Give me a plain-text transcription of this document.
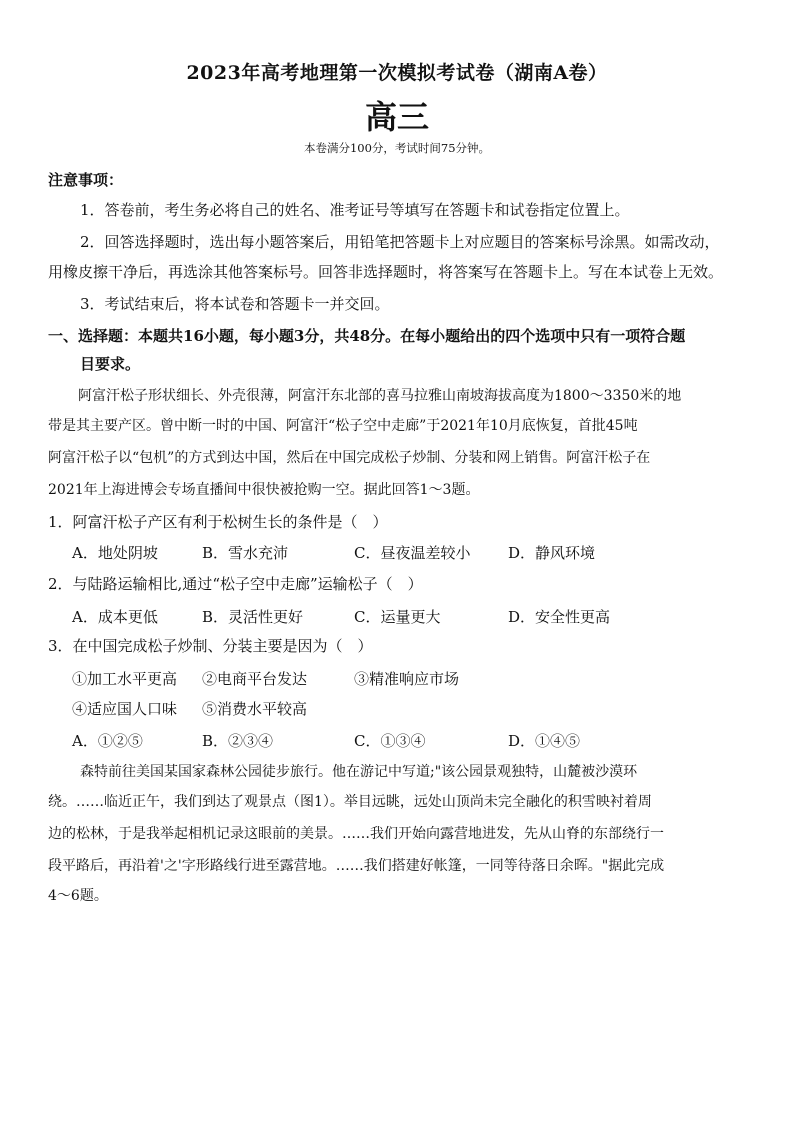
2023年高考地理第一次模拟考试卷（湖南A卷）
高三
本卷满分100分，考试时间75分钟。
注意事项：
1．答卷前，考生务必将自己的姓名、准考证号等填写在答题卡和试卷指定位置上。
2．回答选择题时，选出每小题答案后，用铅笔把答题卡上对应题目的答案标号涂黑。如需改动，
用橡皮擦干净后，再选涂其他答案标号。回答非选择题时，将答案写在答题卡上。写在本试卷上无效。
3．考试结束后，将本试卷和答题卡一并交回。
一、选择题：本题共16小题，每小题3分，共48分。在每小题给出的四个选项中只有一项符合题
目要求。
阿富汗松子形状细长、外壳很薄，阿富汗东北部的喜马拉雅山南坡海拔高度为1800～3350米的地
带是其主要产区。曾中断一时的中国、阿富汗“松子空中走廊”于2021年10月底恢复，首批45吨
阿富汗松子以“包机”的方式到达中国，然后在中国完成松子炒制、分装和网上销售。阿富汗松子在
2021年上海进博会专场直播间中很快被抢购一空。据此回答1～3题。
1．阿富汗松子产区有利于松树生长的条件是（　）
A．地处阴坡	B．雪水充沛	C．昼夜温差较小	D．静风环境
2．与陆路运输相比,通过“松子空中走廊”运输松子（　）
A．成本更低	B．灵活性更好	C．运量更大	D．安全性更高
3．在中国完成松子炒制、分装主要是因为（　）
①加工水平更高 ②电商平台发达	③精准响应市场
④适应国人口味 ⑤消费水平较高
A．①②⑤	B．②③④	C．①③④	D．①④⑤
森特前往美国某国家森林公园徒步旅行。他在游记中写道;"该公园景观独特，山麓被沙漠环
绕。……临近正午，我们到达了观景点（图1）。举目远眺，远处山顶尚未完全融化的积雪映衬着周
边的松林，于是我举起相机记录这眼前的美景。……我们开始向露营地进发，先从山脊的东部绕行一
段平路后，再沿着'之'字形路线行进至露营地。……我们搭建好帐篷，一同等待落日余晖。"据此完成
4～6题。
